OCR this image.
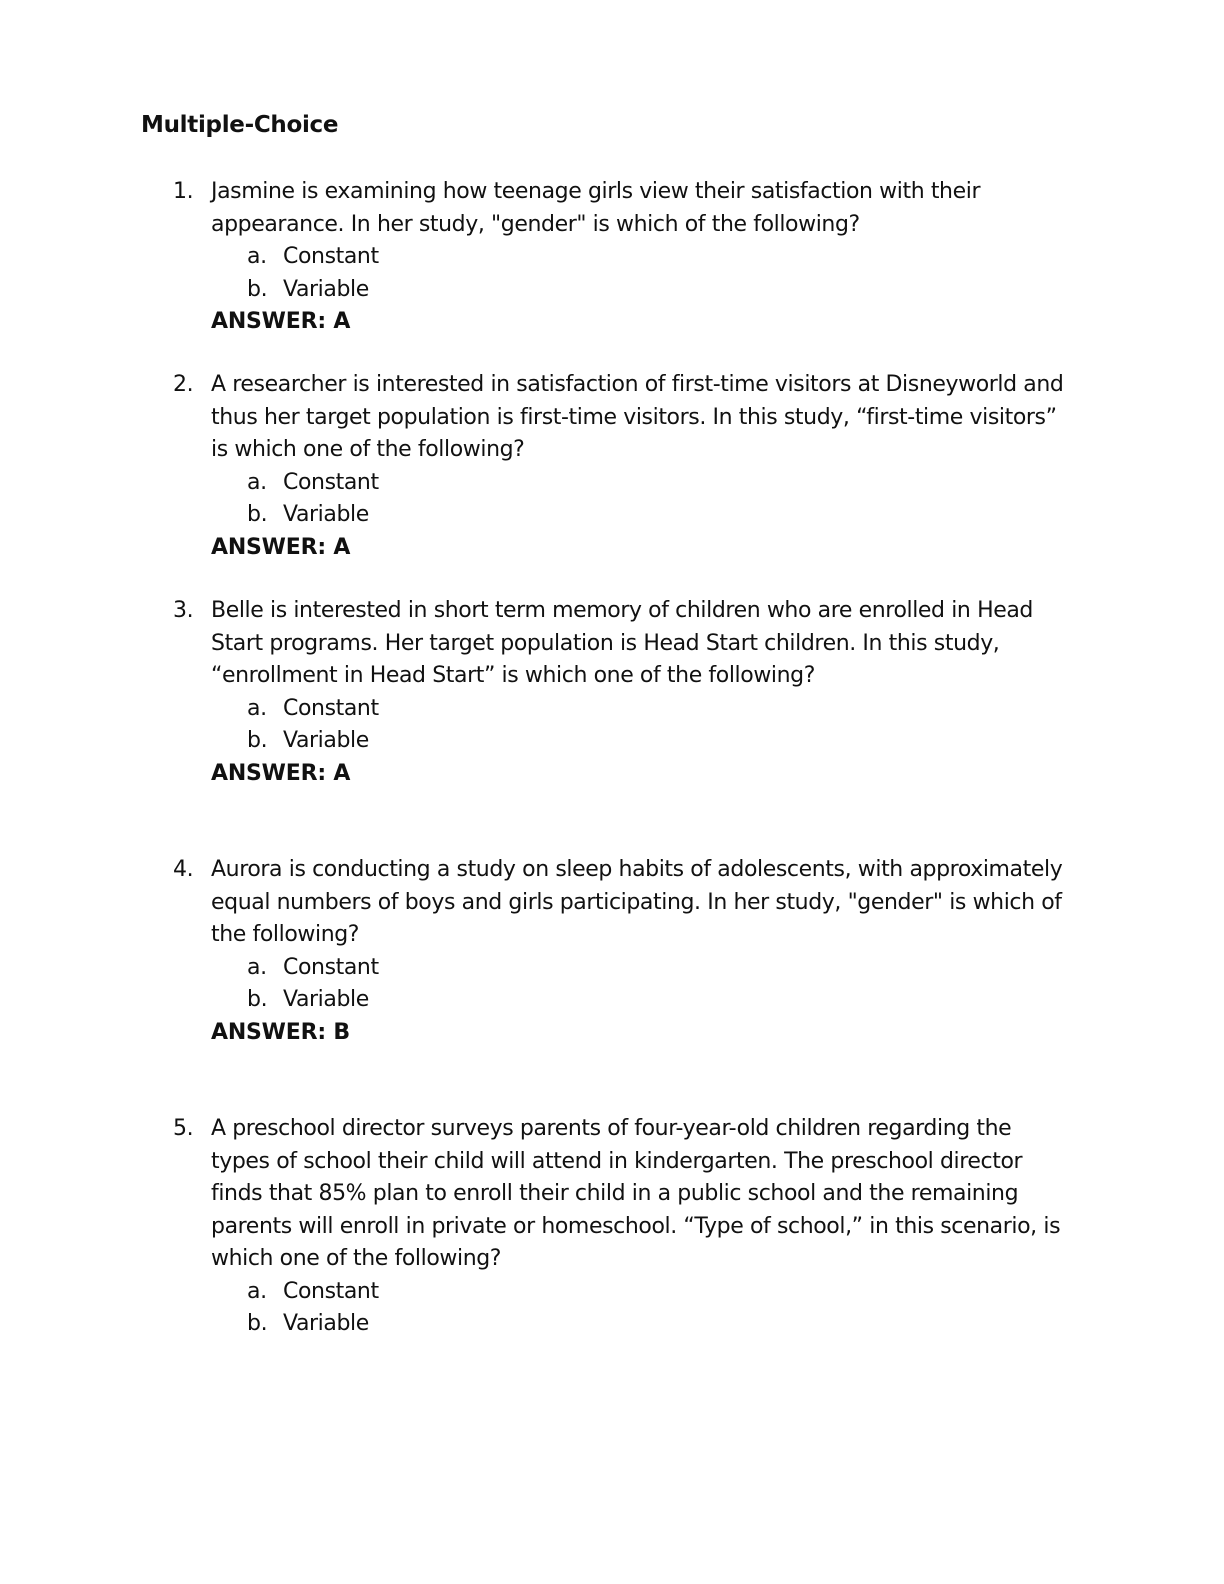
Multiple-Choice
1. Jasmine is examining how teenage girls view their satisfaction with their appearance. In her study, "gender" is which of the following?
a. Constant
b. Variable
ANSWER: A
2. A researcher is interested in satisfaction of first-time visitors at Disneyworld and thus her target population is first-time visitors. In this study, “first-time visitors” is which one of the following?
a. Constant
b. Variable
ANSWER: A
3. Belle is interested in short term memory of children who are enrolled in Head Start programs. Her target population is Head Start children. In this study, “enrollment in Head Start” is which one of the following?
a. Constant
b. Variable
ANSWER: A
4. Aurora is conducting a study on sleep habits of adolescents, with approximately equal numbers of boys and girls participating. In her study, "gender" is which of the following?
a. Constant
b. Variable
ANSWER: B
5. A preschool director surveys parents of four-year-old children regarding the types of school their child will attend in kindergarten. The preschool director finds that 85% plan to enroll their child in a public school and the remaining parents will enroll in private or homeschool. “Type of school,” in this scenario, is which one of the following?
a. Constant
b. Variable
